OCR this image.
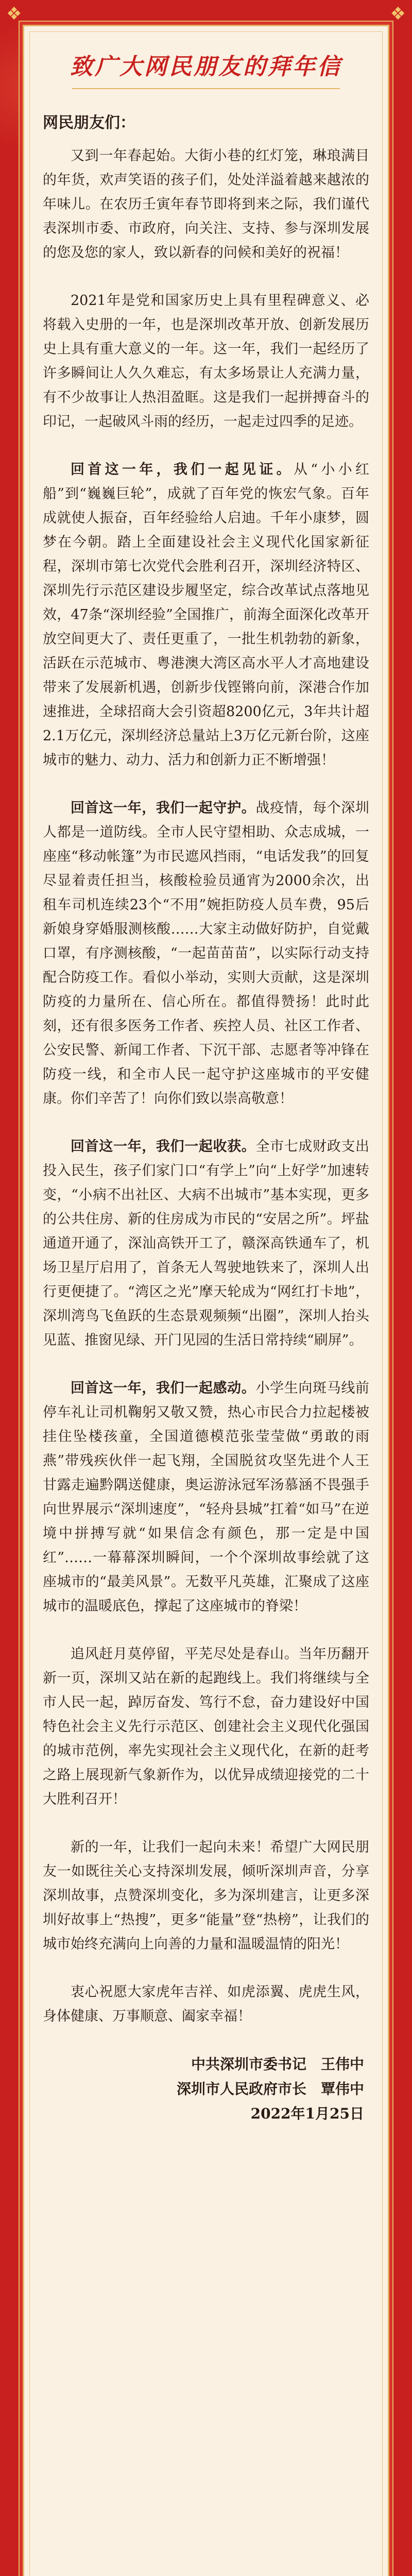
❖	❖
致广大网民朋友的拜年信
网民朋友们：

又到一年春起始。大街小巷的红灯笼，琳琅满目的年货，欢声笑语的孩子们，处处洋溢着越来越浓的年味儿。在农历壬寅年春节即将到来之际，我们谨代表深圳市委、市政府，向关注、支持、参与深圳发展的您及您的家人，致以新春的问候和美好的祝福！

2021年是党和国家历史上具有里程碑意义、必将载入史册的一年，也是深圳改革开放、创新发展历史上具有重大意义的一年。这一年，我们一起经历了许多瞬间让人久久难忘，有太多场景让人充满力量，有不少故事让人热泪盈眶。这是我们一起拼搏奋斗的印记，一起破风斗雨的经历，一起走过四季的足迹。

回首这一年，我们一起见证。从“小小红船”到“巍巍巨轮”，成就了百年党的恢宏气象。百年成就使人振奋，百年经验给人启迪。千年小康梦，圆梦在今朝。踏上全面建设社会主义现代化国家新征程，深圳市第七次党代会胜利召开，深圳经济特区、深圳先行示范区建设步履坚定，综合改革试点落地见效，47条“深圳经验”全国推广，前海全面深化改革开放空间更大了、责任更重了，一批生机勃勃的新象，活跃在示范城市、粤港澳大湾区高水平人才高地建设带来了发展新机遇，创新步伐铿锵向前，深港合作加速推进，全球招商大会引资超8200亿元，3年共计超2.1万亿元，深圳经济总量站上3万亿元新台阶，这座城市的魅力、动力、活力和创新力正不断增强！

回首这一年，我们一起守护。战疫情，每个深圳人都是一道防线。全市人民守望相助、众志成城，一座座“移动帐篷”为市民遮风挡雨，“电话发我”的回复尽显着责任担当，核酸检验员通宵为2000余次，出租车司机连续23个“不用”婉拒防疫人员车费，95后新娘身穿婚服测核酸……大家主动做好防护，自觉戴口罩，有序测核酸，“一起苗苗苗”，以实际行动支持配合防疫工作。看似小举动，实则大贡献，这是深圳防疫的力量所在、信心所在。都值得赞扬！此时此刻，还有很多医务工作者、疾控人员、社区工作者、公安民警、新闻工作者、下沉干部、志愿者等冲锋在防疫一线，和全市人民一起守护这座城市的平安健康。你们辛苦了！向你们致以崇高敬意！

回首这一年，我们一起收获。全市七成财政支出投入民生，孩子们家门口“有学上”向“上好学”加速转变，“小病不出社区、大病不出城市”基本实现，更多的公共住房、新的住房成为市民的“安居之所”。坪盐通道开通了，深汕高铁开工了，赣深高铁通车了，机场卫星厅启用了，首条无人驾驶地铁来了，深圳人出行更便捷了。“湾区之光”摩天轮成为“网红打卡地”，深圳湾鸟飞鱼跃的生态景观频频“出圈”，深圳人抬头见蓝、推窗见绿、开门见园的生活日常持续“刷屏”。

回首这一年，我们一起感动。小学生向斑马线前停车礼让司机鞠躬又敬又赞，热心市民合力拉起楼被挂住坠楼孩童，全国道德模范张莹莹做“勇敢的雨燕”带残疾伙伴一起飞翔，全国脱贫攻坚先进个人王甘露走遍黔隅送健康，奥运游泳冠军汤慕涵不畏强手向世界展示“深圳速度”，“轻舟县城”扛着“如马”在逆境中拼搏写就“如果信念有颜色，那一定是中国红”……一幕幕深圳瞬间，一个个深圳故事绘就了这座城市的“最美风景”。无数平凡英雄，汇聚成了这座城市的温暖底色，撑起了这座城市的脊梁！

追风赶月莫停留，平芜尽处是春山。当年历翻开新一页，深圳又站在新的起跑线上。我们将继续与全市人民一起，踔厉奋发、笃行不怠，奋力建设好中国特色社会主义先行示范区、创建社会主义现代化强国的城市范例，率先实现社会主义现代化，在新的赶考之路上展现新气象新作为，以优异成绩迎接党的二十大胜利召开！

新的一年，让我们一起向未来！希望广大网民朋友一如既往关心支持深圳发展，倾听深圳声音，分享深圳故事，点赞深圳变化，多为深圳建言，让更多深圳好故事上“热搜”，更多“能量”登“热榜”，让我们的城市始终充满向上向善的力量和温暖温情的阳光！

衷心祝愿大家虎年吉祥、如虎添翼、虎虎生风，身体健康、万事顺意、阖家幸福！

中共深圳市委书记　王伟中
深圳市人民政府市长　覃伟中
2022年1月25日
